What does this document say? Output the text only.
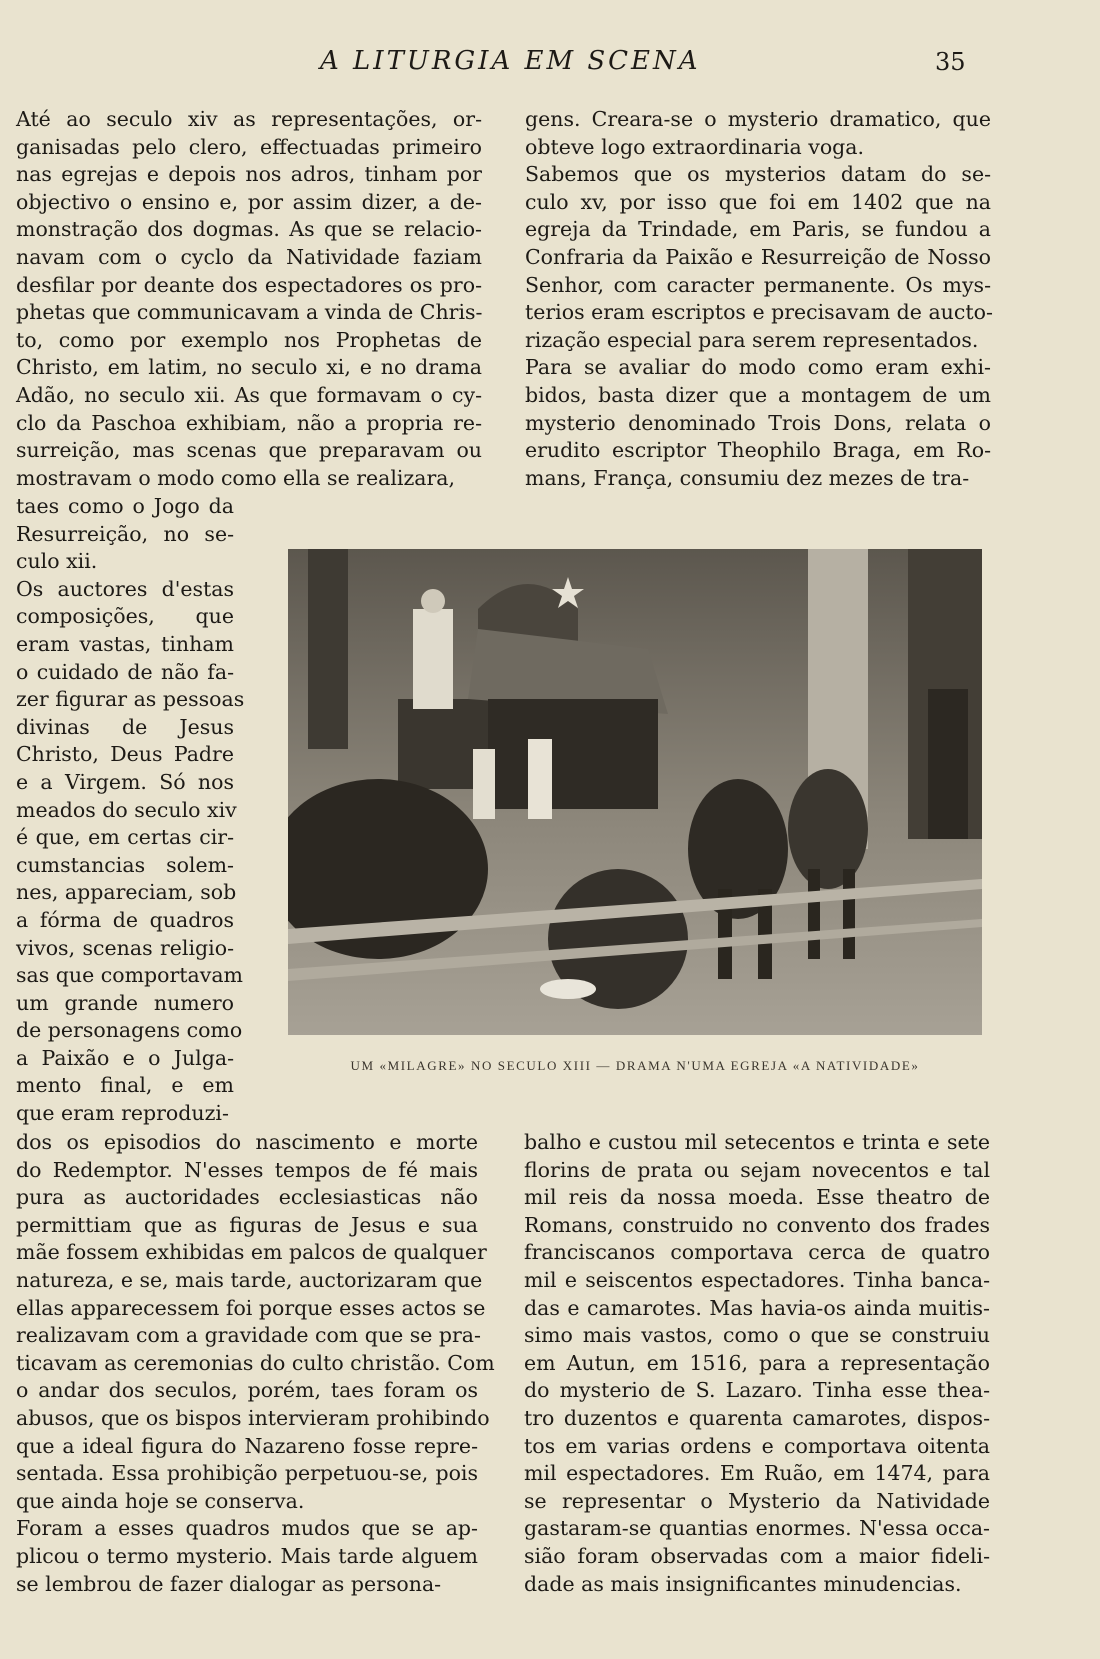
A LITURGIA EM SCENA	35
Até ao seculo xiv as representações, or-
ganisadas pelo clero, effectuadas primeiro
nas egrejas e depois nos adros, tinham por
objectivo o ensino e, por assim dizer, a de-
monstração dos dogmas. As que se relacio-
navam com o cyclo da Natividade faziam
desfilar por deante dos espectadores os pro-
phetas que communicavam a vinda de Chris-
to, como por exemplo nos Prophetas de
Christo, em latim, no seculo xi, e no drama
Adão, no seculo xii. As que formavam o cy-
clo da Paschoa exhibiam, não a propria re-
surreição, mas scenas que preparavam ou
mostravam o modo como ella se realizara,
gens. Creara-se o mysterio dramatico, que
obteve logo extraordinaria voga.
Sabemos que os mysterios datam do se-
culo xv, por isso que foi em 1402 que na
egreja da Trindade, em Paris, se fundou a
Confraria da Paixão e Resurreição de Nosso
Senhor, com caracter permanente. Os mys-
terios eram escriptos e precisavam de aucto-
rização especial para serem representados.
Para se avaliar do modo como eram exhi-
bidos, basta dizer que a montagem de um
mysterio denominado Trois Dons, relata o
erudito escriptor Theophilo Braga, em Ro-
mans, França, consumiu dez mezes de tra-
taes como o Jogo da
Resurreição, no se-
culo xii.
Os auctores d'estas
composições, que
eram vastas, tinham
o cuidado de não fa-
zer figurar as pessoas
divinas de Jesus
Christo, Deus Padre
e a Virgem. Só nos
meados do seculo xiv
é que, em certas cir-
cumstancias solem-
nes, appareciam, sob
a fórma de quadros
vivos, scenas religio-
sas que comportavam
um grande numero
de personagens como
a Paixão e o Julga-
mento final, e em
que eram reproduzi-
dos os episodios do nascimento e morte
do Redemptor. N'esses tempos de fé mais
pura as auctoridades ecclesiasticas não
permittiam que as figuras de Jesus e sua
mãe fossem exhibidas em palcos de qualquer
natureza, e se, mais tarde, auctorizaram que
ellas apparecessem foi porque esses actos se
realizavam com a gravidade com que se pra-
ticavam as ceremonias do culto christão. Com
o andar dos seculos, porém, taes foram os
abusos, que os bispos intervieram prohibindo
que a ideal figura do Nazareno fosse repre-
sentada. Essa prohibição perpetuou-se, pois
que ainda hoje se conserva.
Foram a esses quadros mudos que se ap-
plicou o termo mysterio. Mais tarde alguem
se lembrou de fazer dialogar as persona-
balho e custou mil setecentos e trinta e sete
florins de prata ou sejam novecentos e tal
mil reis da nossa moeda. Esse theatro de
Romans, construido no convento dos frades
franciscanos comportava cerca de quatro
mil e seiscentos espectadores. Tinha banca-
das e camarotes. Mas havia-os ainda muitis-
simo mais vastos, como o que se construiu
em Autun, em 1516, para a representação
do mysterio de S. Lazaro. Tinha esse thea-
tro duzentos e quarenta camarotes, dispos-
tos em varias ordens e comportava oitenta
mil espectadores. Em Ruão, em 1474, para
se representar o Mysterio da Natividade
gastaram-se quantias enormes. N'essa occa-
sião foram observadas com a maior fideli-
dade as mais insignificantes minudencias.
UM «MILAGRE» NO SECULO XIII — DRAMA N'UMA EGREJA «A NATIVIDADE»
